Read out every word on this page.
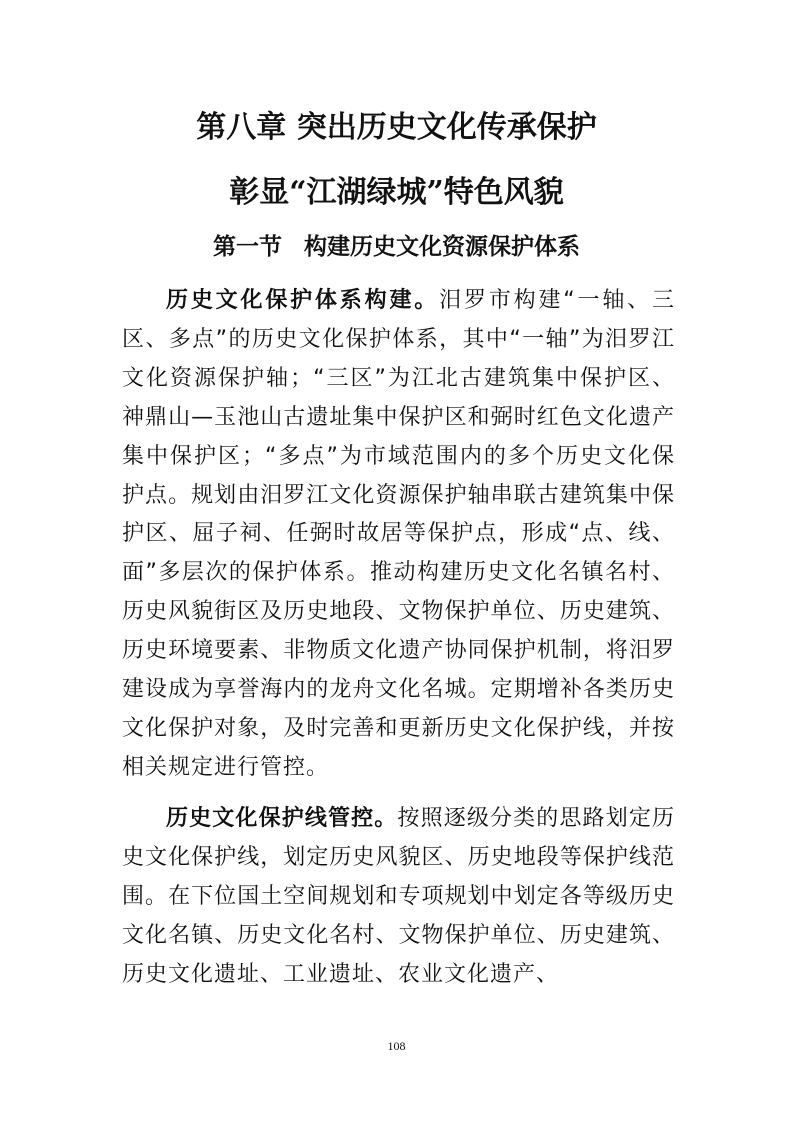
第八章 突出历史文化传承保护
彰显“江湖绿城”特色风貌
第一节 构建历史文化资源保护体系

历史文化保护体系构建。汨罗市构建“一轴、三区、多点”的历史文化保护体系，其中“一轴”为汨罗江文化资源保护轴；“三区”为江北古建筑集中保护区、神鼎山—玉池山古遗址集中保护区和弼时红色文化遗产集中保护区；“多点”为市域范围内的多个历史文化保护点。规划由汨罗江文化资源保护轴串联古建筑集中保护区、屈子祠、任弼时故居等保护点，形成“点、线、面”多层次的保护体系。推动构建历史文化名镇名村、历史风貌街区及历史地段、文物保护单位、历史建筑、历史环境要素、非物质文化遗产协同保护机制，将汨罗建设成为享誉海内的龙舟文化名城。定期增补各类历史文化保护对象，及时完善和更新历史文化保护线，并按相关规定进行管控。

历史文化保护线管控。按照逐级分类的思路划定历史文化保护线，划定历史风貌区、历史地段等保护线范围。在下位国土空间规划和专项规划中划定各等级历史文化名镇、历史文化名村、文物保护单位、历史建筑、历史文化遗址、工业遗址、农业文化遗产、

108
